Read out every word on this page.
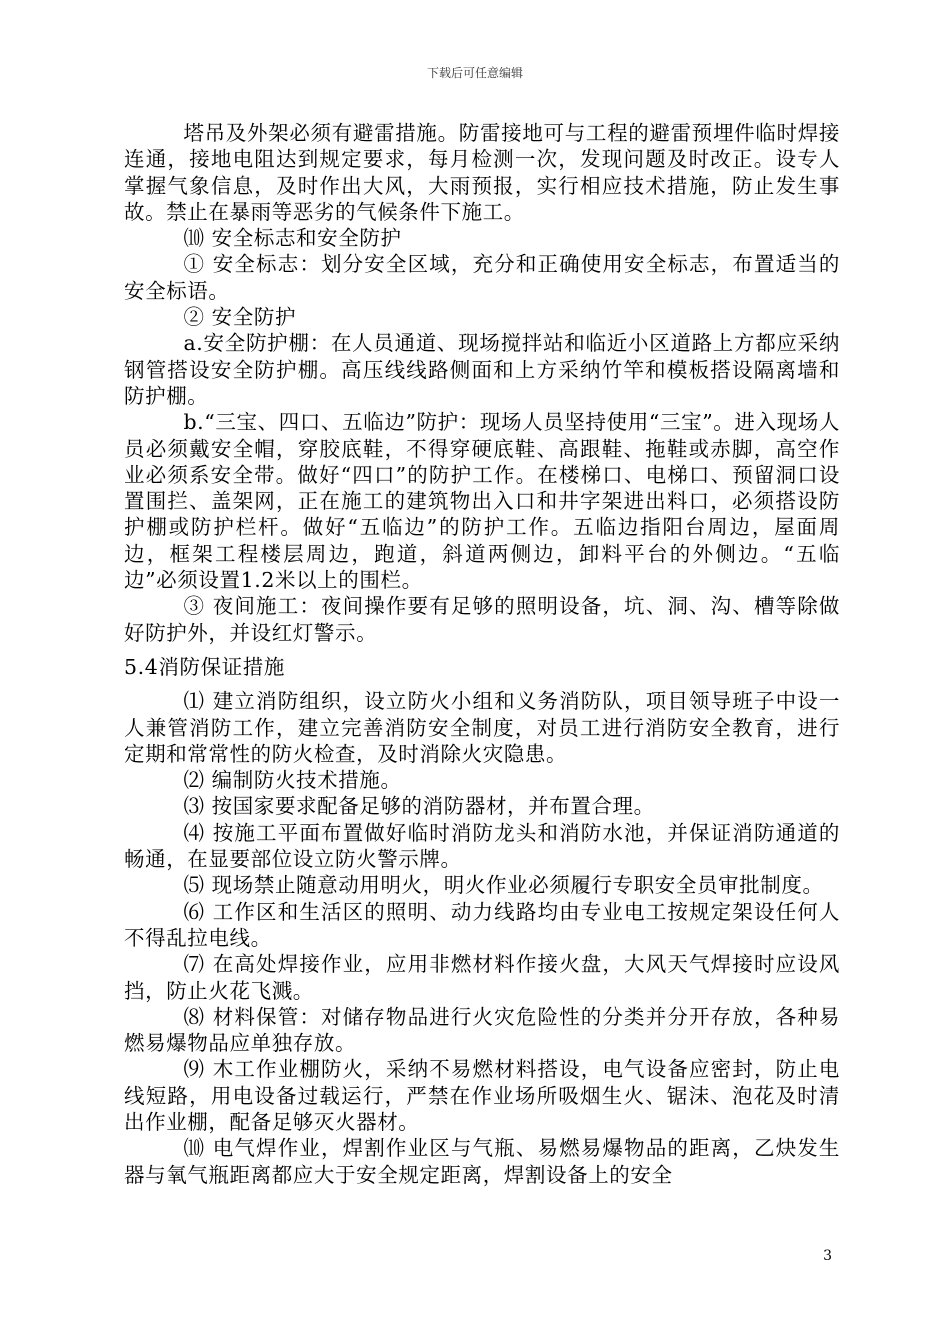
下载后可任意编辑

塔吊及外架必须有避雷措施。防雷接地可与工程的避雷预埋件临时焊接连通，接地电阻达到规定要求，每月检测一次，发现问题及时改正。设专人掌握气象信息，及时作出大风，大雨预报，实行相应技术措施，防止发生事故。禁止在暴雨等恶劣的气候条件下施工。

⑽ 安全标志和安全防护

① 安全标志：划分安全区域，充分和正确使用安全标志，布置适当的安全标语。

② 安全防护

a.安全防护棚：在人员通道、现场搅拌站和临近小区道路上方都应采纳钢管搭设安全防护棚。高压线线路侧面和上方采纳竹竿和模板搭设隔离墙和防护棚。

b.“三宝、四口、五临边”防护：现场人员坚持使用“三宝”。进入现场人员必须戴安全帽，穿胶底鞋，不得穿硬底鞋、高跟鞋、拖鞋或赤脚，高空作业必须系安全带。做好“四口”的防护工作。在楼梯口、电梯口、预留洞口设置围拦、盖架网，正在施工的建筑物出入口和井字架进出料口，必须搭设防护棚或防护栏杆。做好“五临边”的防护工作。五临边指阳台周边，屋面周边，框架工程楼层周边，跑道，斜道两侧边，卸料平台的外侧边。“五临边”必须设置1.2米以上的围栏。

③ 夜间施工：夜间操作要有足够的照明设备，坑、洞、沟、槽等除做好防护外，并设红灯警示。

5.4消防保证措施

⑴ 建立消防组织，设立防火小组和义务消防队，项目领导班子中设一人兼管消防工作，建立完善消防安全制度，对员工进行消防安全教育，进行定期和常常性的防火检查，及时消除火灾隐患。

⑵ 编制防火技术措施。

⑶ 按国家要求配备足够的消防器材，并布置合理。

⑷ 按施工平面布置做好临时消防龙头和消防水池，并保证消防通道的畅通，在显要部位设立防火警示牌。

⑸ 现场禁止随意动用明火，明火作业必须履行专职安全员审批制度。

⑹ 工作区和生活区的照明、动力线路均由专业电工按规定架设任何人不得乱拉电线。

⑺ 在高处焊接作业，应用非燃材料作接火盘，大风天气焊接时应设风挡，防止火花飞溅。

⑻ 材料保管：对储存物品进行火灾危险性的分类并分开存放，各种易燃易爆物品应单独存放。

⑼ 木工作业棚防火，采纳不易燃材料搭设，电气设备应密封，防止电线短路，用电设备过载运行，严禁在作业场所吸烟生火、锯沫、泡花及时清出作业棚，配备足够灭火器材。

⑽ 电气焊作业，焊割作业区与气瓶、易燃易爆物品的距离，乙炔发生器与氧气瓶距离都应大于安全规定距离，焊割设备上的安全

3
